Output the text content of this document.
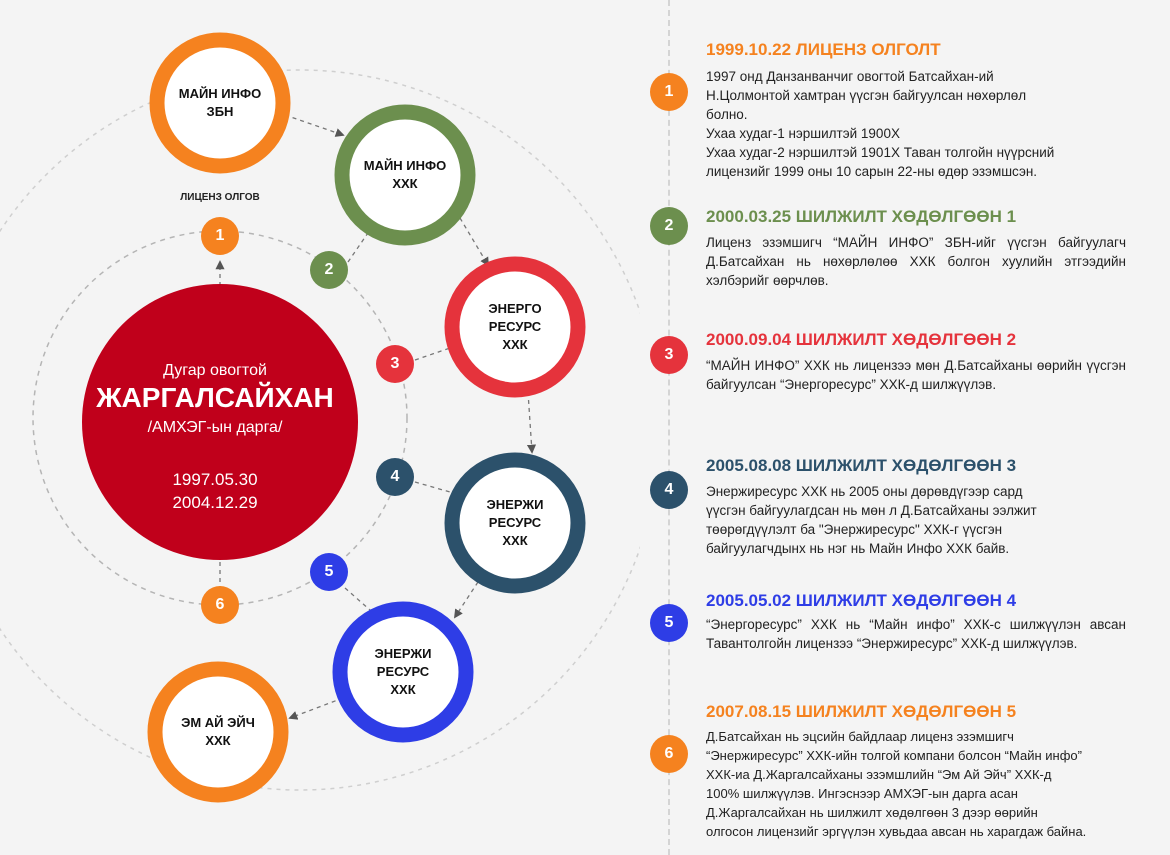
Дугар овогтой
ЖАРГАЛСАЙХАН
/АМХЭГ-ын дарга/
1997.05.30
2004.12.29
МАЙН ИНФО
ЗБН
МАЙН ИНФО
ХХК
ЭНЕРГО
РЕСУРС
ХХК
ЭНЕРЖИ
РЕСУРС
ХХК
ЭНЕРЖИ
РЕСУРС
ХХК
ЭМ АЙ ЭЙЧ
ХХК
ЛИЦЕНЗ ОЛГОВ
1
2
3
4
5
6
1
1999.10.22 ЛИЦЕНЗ ОЛГОЛТ
1997 онд Данзанванчиг овогтой Батсайхан-ий
Н.Цолмонтой хамтран үүсгэн байгуулсан нөхөрлөл
болно.
Ухаа худаг-1 нэршилтэй 1900Х
Ухаа худаг-2 нэршилтэй 1901Х Таван толгойн нүүрсний
лицензийг 1999 оны 10 сарын 22-ны өдөр эзэмшсэн.
2	2000.03.25 ШИЛЖИЛТ ХӨДӨЛГӨӨН 1
Лиценз эзэмшигч “МАЙН ИНФО” ЗБН-ийг үүсгэн байгуулагч Д.Батсайхан нь нөхөрлөлөө ХХК болгон хуулийн этгээдийн хэлбэрийг өөрчлөв.
3
2000.09.04 ШИЛЖИЛТ ХӨДӨЛГӨӨН 2
“МАЙН ИНФО” ХХК нь лицензээ мөн Д.Батсайханы өөрийн үүсгэн байгуулсан “Энергоресурс” ХХК-д шилжүүлэв.
4
2005.08.08 ШИЛЖИЛТ ХӨДӨЛГӨӨН 3
Энержиресурс ХХК нь 2005 оны дөрөвдүгээр сард
үүсгэн байгуулагдсан нь мөн л Д.Батсайханы ээлжит
төөрөгдүүлэлт ба "Энержиресурс" ХХК-г үүсгэн
байгуулагчдынх нь нэг нь Майн Инфо ХХК байв.
5
2005.05.02 ШИЛЖИЛТ ХӨДӨЛГӨӨН 4
“Энергоресурс” ХХК нь “Майн инфо” ХХК-с шилжүүлэн авсан Тавантолгойн лицензээ “Энержиресурс” ХХК-д шилжүүлэв.
6
2007.08.15 ШИЛЖИЛТ ХӨДӨЛГӨӨН 5
Д.Батсайхан нь эцсийн байдлаар лиценз эзэмшигч
“Энержиресурс” ХХК-ийн толгой компани болсон “Майн инфо”
ХХК-иа Д.Жаргалсайханы эзэмшлийн “Эм Ай Эйч” ХХК-д
100% шилжүүлэв. Ингэснээр АМХЭГ-ын дарга асан
Д.Жаргалсайхан нь шилжилт хөдөлгөөн 3 дээр өөрийн
олгосон лицензийг эргүүлэн хувьдаа авсан нь харагдаж байна.
